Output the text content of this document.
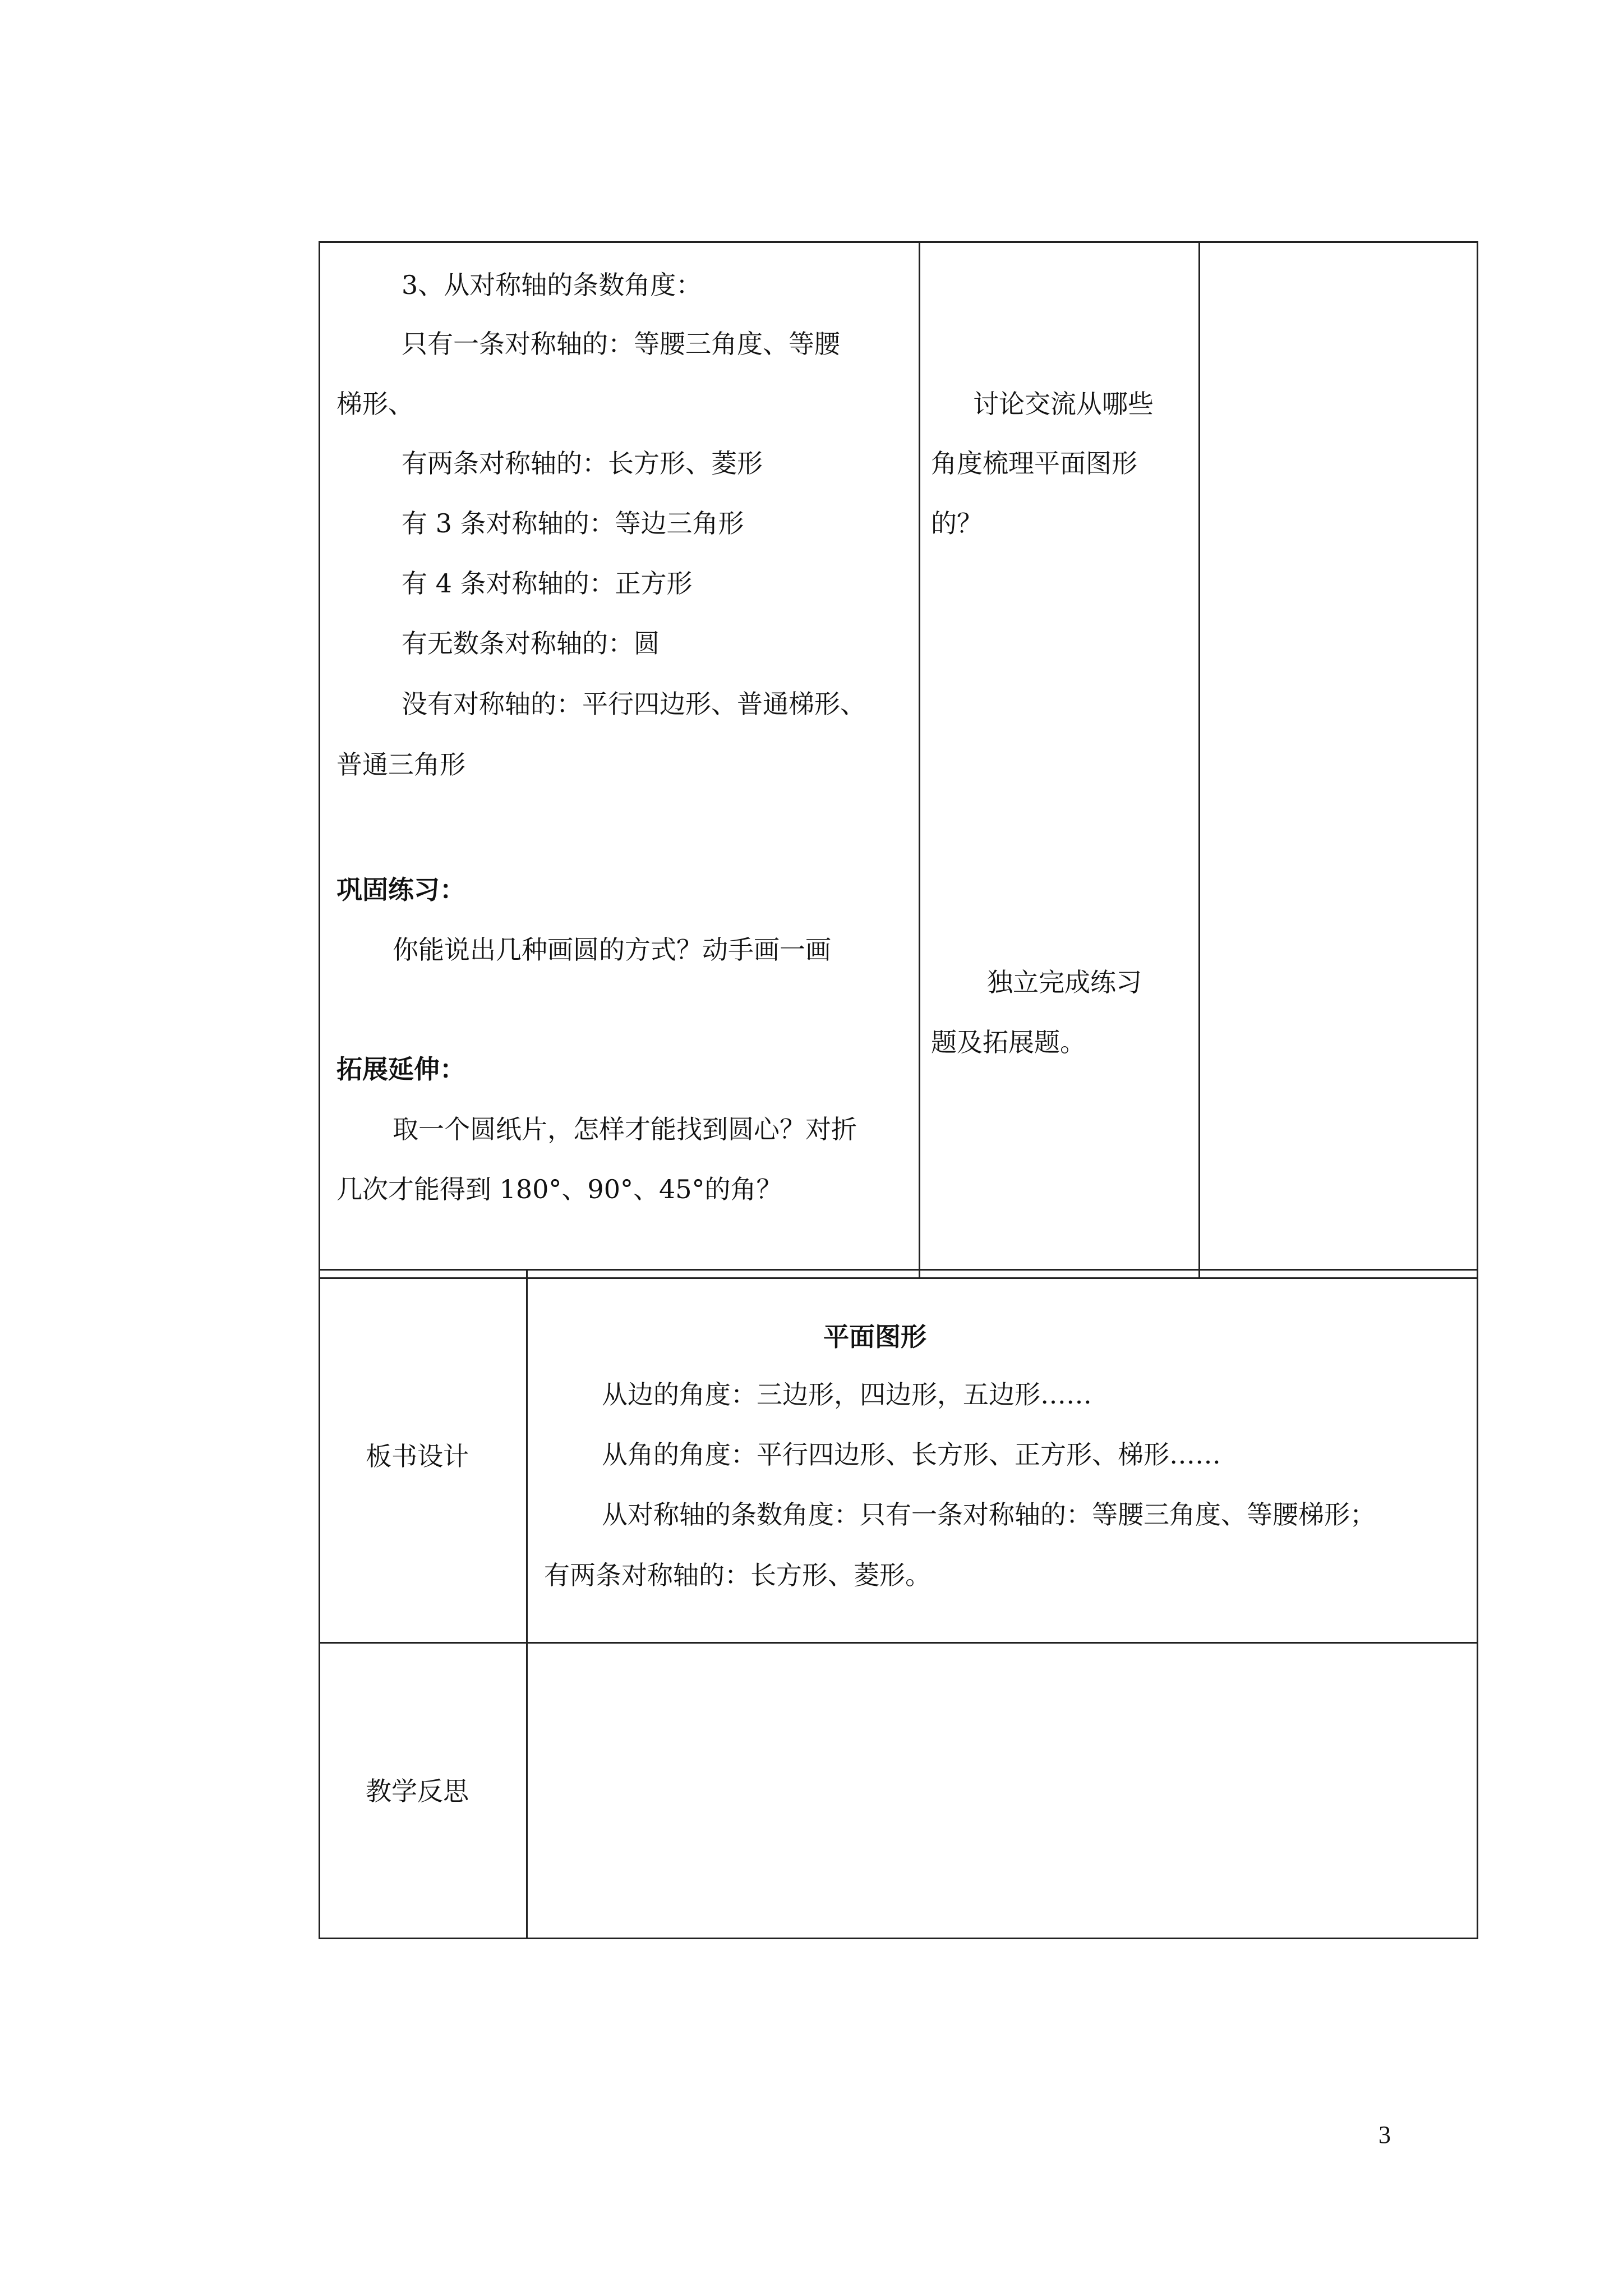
3、从对称轴的条数角度：
只有一条对称轴的：等腰三角度、等腰
梯形、
有两条对称轴的：长方形、菱形
有 3 条对称轴的：等边三角形
有 4 条对称轴的：正方形
有无数条对称轴的：圆
没有对称轴的：平行四边形、普通梯形、
普通三角形
巩固练习：
你能说出几种画圆的方式？动手画一画
拓展延伸：
取一个圆纸片，怎样才能找到圆心？对折
几次才能得到 180°、90°、45°的角？
讨论交流从哪些
角度梳理平面图形
的？
独立完成练习
题及拓展题。
板书设计
平面图形
从边的角度：三边形，四边形，五边形……
从角的角度：平行四边形、长方形、正方形、梯形……
从对称轴的条数角度：只有一条对称轴的：等腰三角度、等腰梯形；
有两条对称轴的：长方形、菱形。
教学反思
3
